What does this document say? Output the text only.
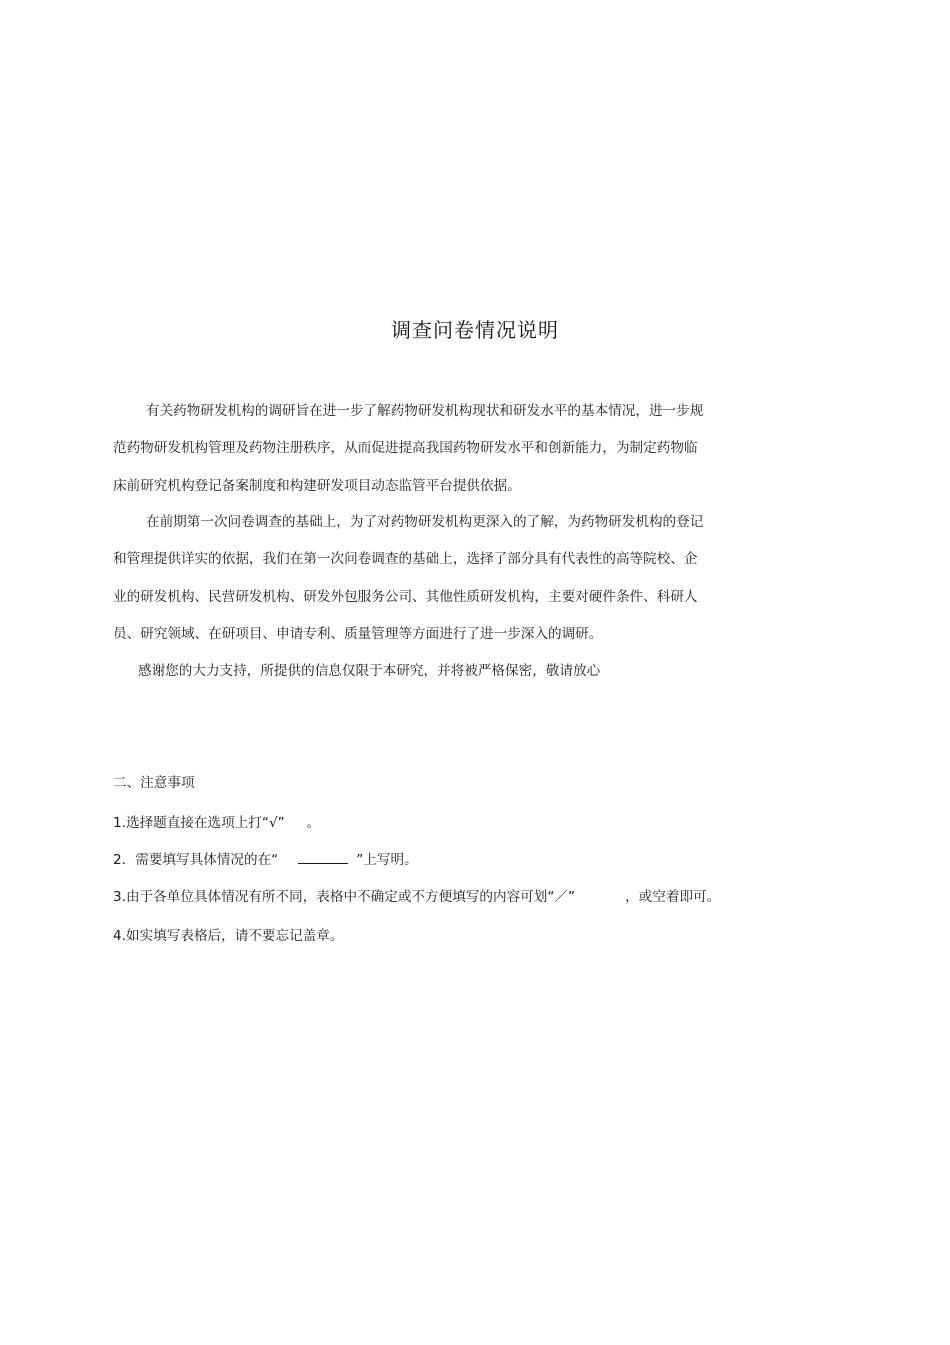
调查问卷情况说明
有关药物研发机构的调研旨在进一步了解药物研发机构现状和研发水平的基本情况，进一步规
范药物研发机构管理及药物注册秩序，从而促进提高我国药物研发水平和创新能力，为制定药物临
床前研究机构登记备案制度和构建研发项目动态监管平台提供依据。
在前期第一次问卷调查的基础上，为了对药物研发机构更深入的了解，为药物研发机构的登记
和管理提供详实的依据，我们在第一次问卷调查的基础上，选择了部分具有代表性的高等院校、企
业的研发机构、民营研发机构、研发外包服务公司、其他性质研发机构，主要对硬件条件、科研人
员、研究领域、在研项目、申请专利、质量管理等方面进行了进一步深入的调研。
感谢您的大力支持，所提供的信息仅限于本研究，并将被严格保密，敬请放心
二、注意事项
1.选择题直接在选项上打“√” 。
2．需要填写具体情况的在“	”上写明。
3.由于各单位具体情况有所不同，表格中不确定或不方便填写的内容可划“／”	，或空着即可。
4.如实填写表格后，请不要忘记盖章。
